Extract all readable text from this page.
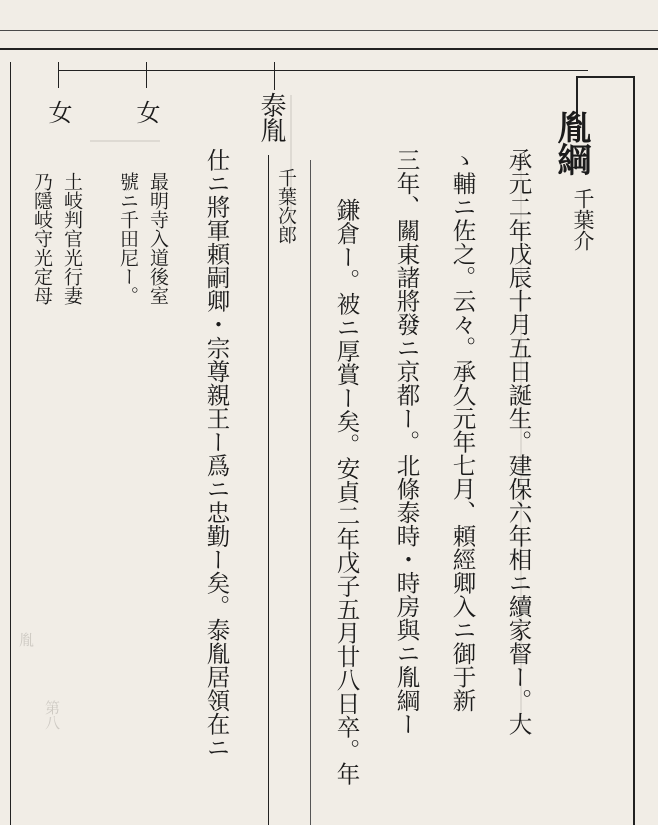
胤
第八
胤綱
千葉介
承元二年戊辰十月五日誕生。建保六年相ニ續家督ー。大
ゝ輔ニ佐之。云々。承久元年七月、頼經卿入ニ御于新
三年、關東諸將發ニ京都ー。北條泰時・時房與ニ胤綱ー
鎌倉ー。被ニ厚賞ー矣。安貞二年戊子五月廿八日卒。年
泰胤
千葉次郎
仕ニ將軍頼嗣卿・宗尊親王ー爲ニ忠勤ー矣。泰胤居領在ニ
女
最明寺入道後室
號ニ千田尼ー。
女
土岐判官光行妻
乃隱岐守光定母
